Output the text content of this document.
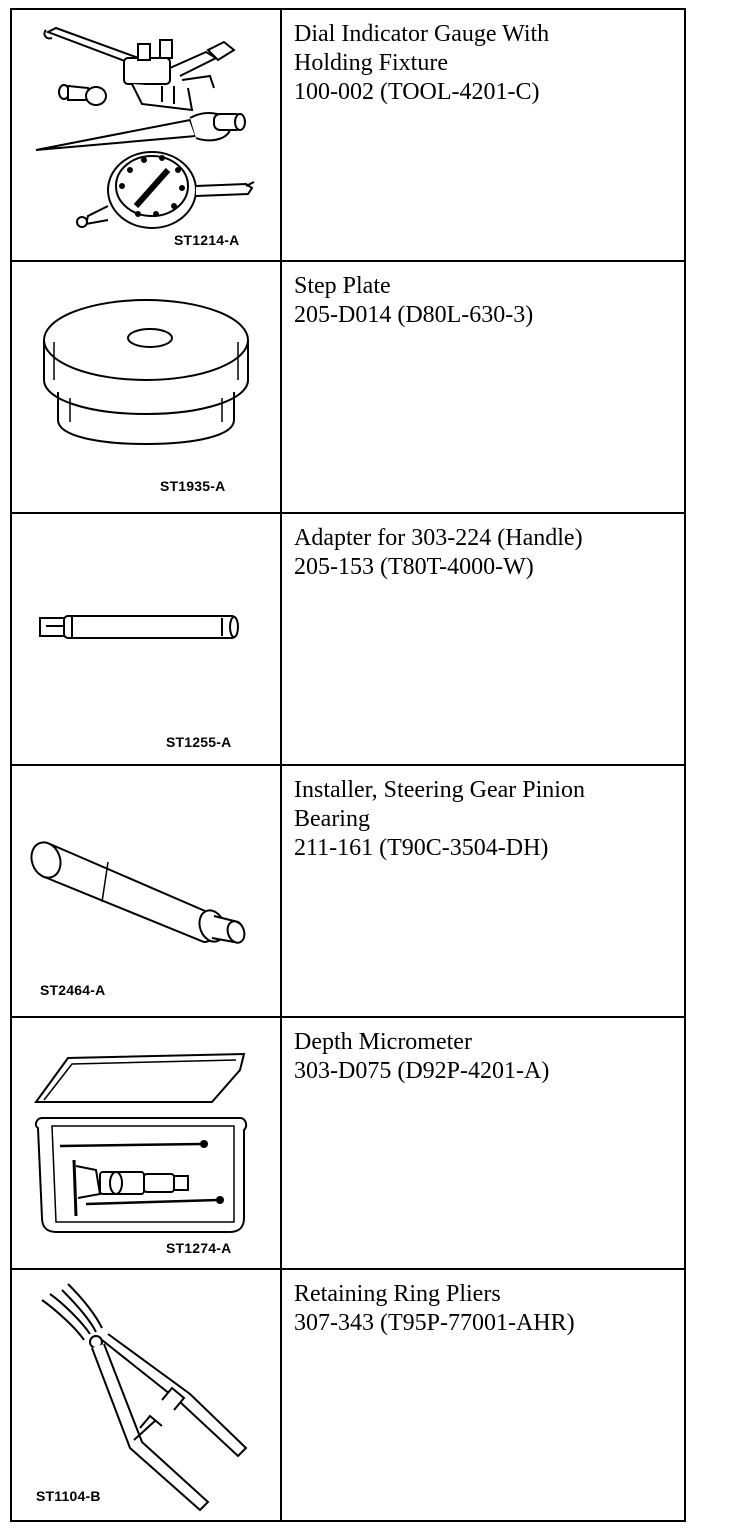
ST1214-A
Dial Indicator Gauge With
Holding Fixture
100-002 (TOOL-4201-C)
ST1935-A
Step Plate
205-D014 (D80L-630-3)
ST1255-A
Adapter for 303-224 (Handle)
205-153 (T80T-4000-W)
ST2464-A
Installer, Steering Gear Pinion
Bearing
211-161 (T90C-3504-DH)
ST1274-A
Depth Micrometer
303-D075 (D92P-4201-A)
ST1104-B
Retaining Ring Pliers
307-343 (T95P-77001-AHR)
